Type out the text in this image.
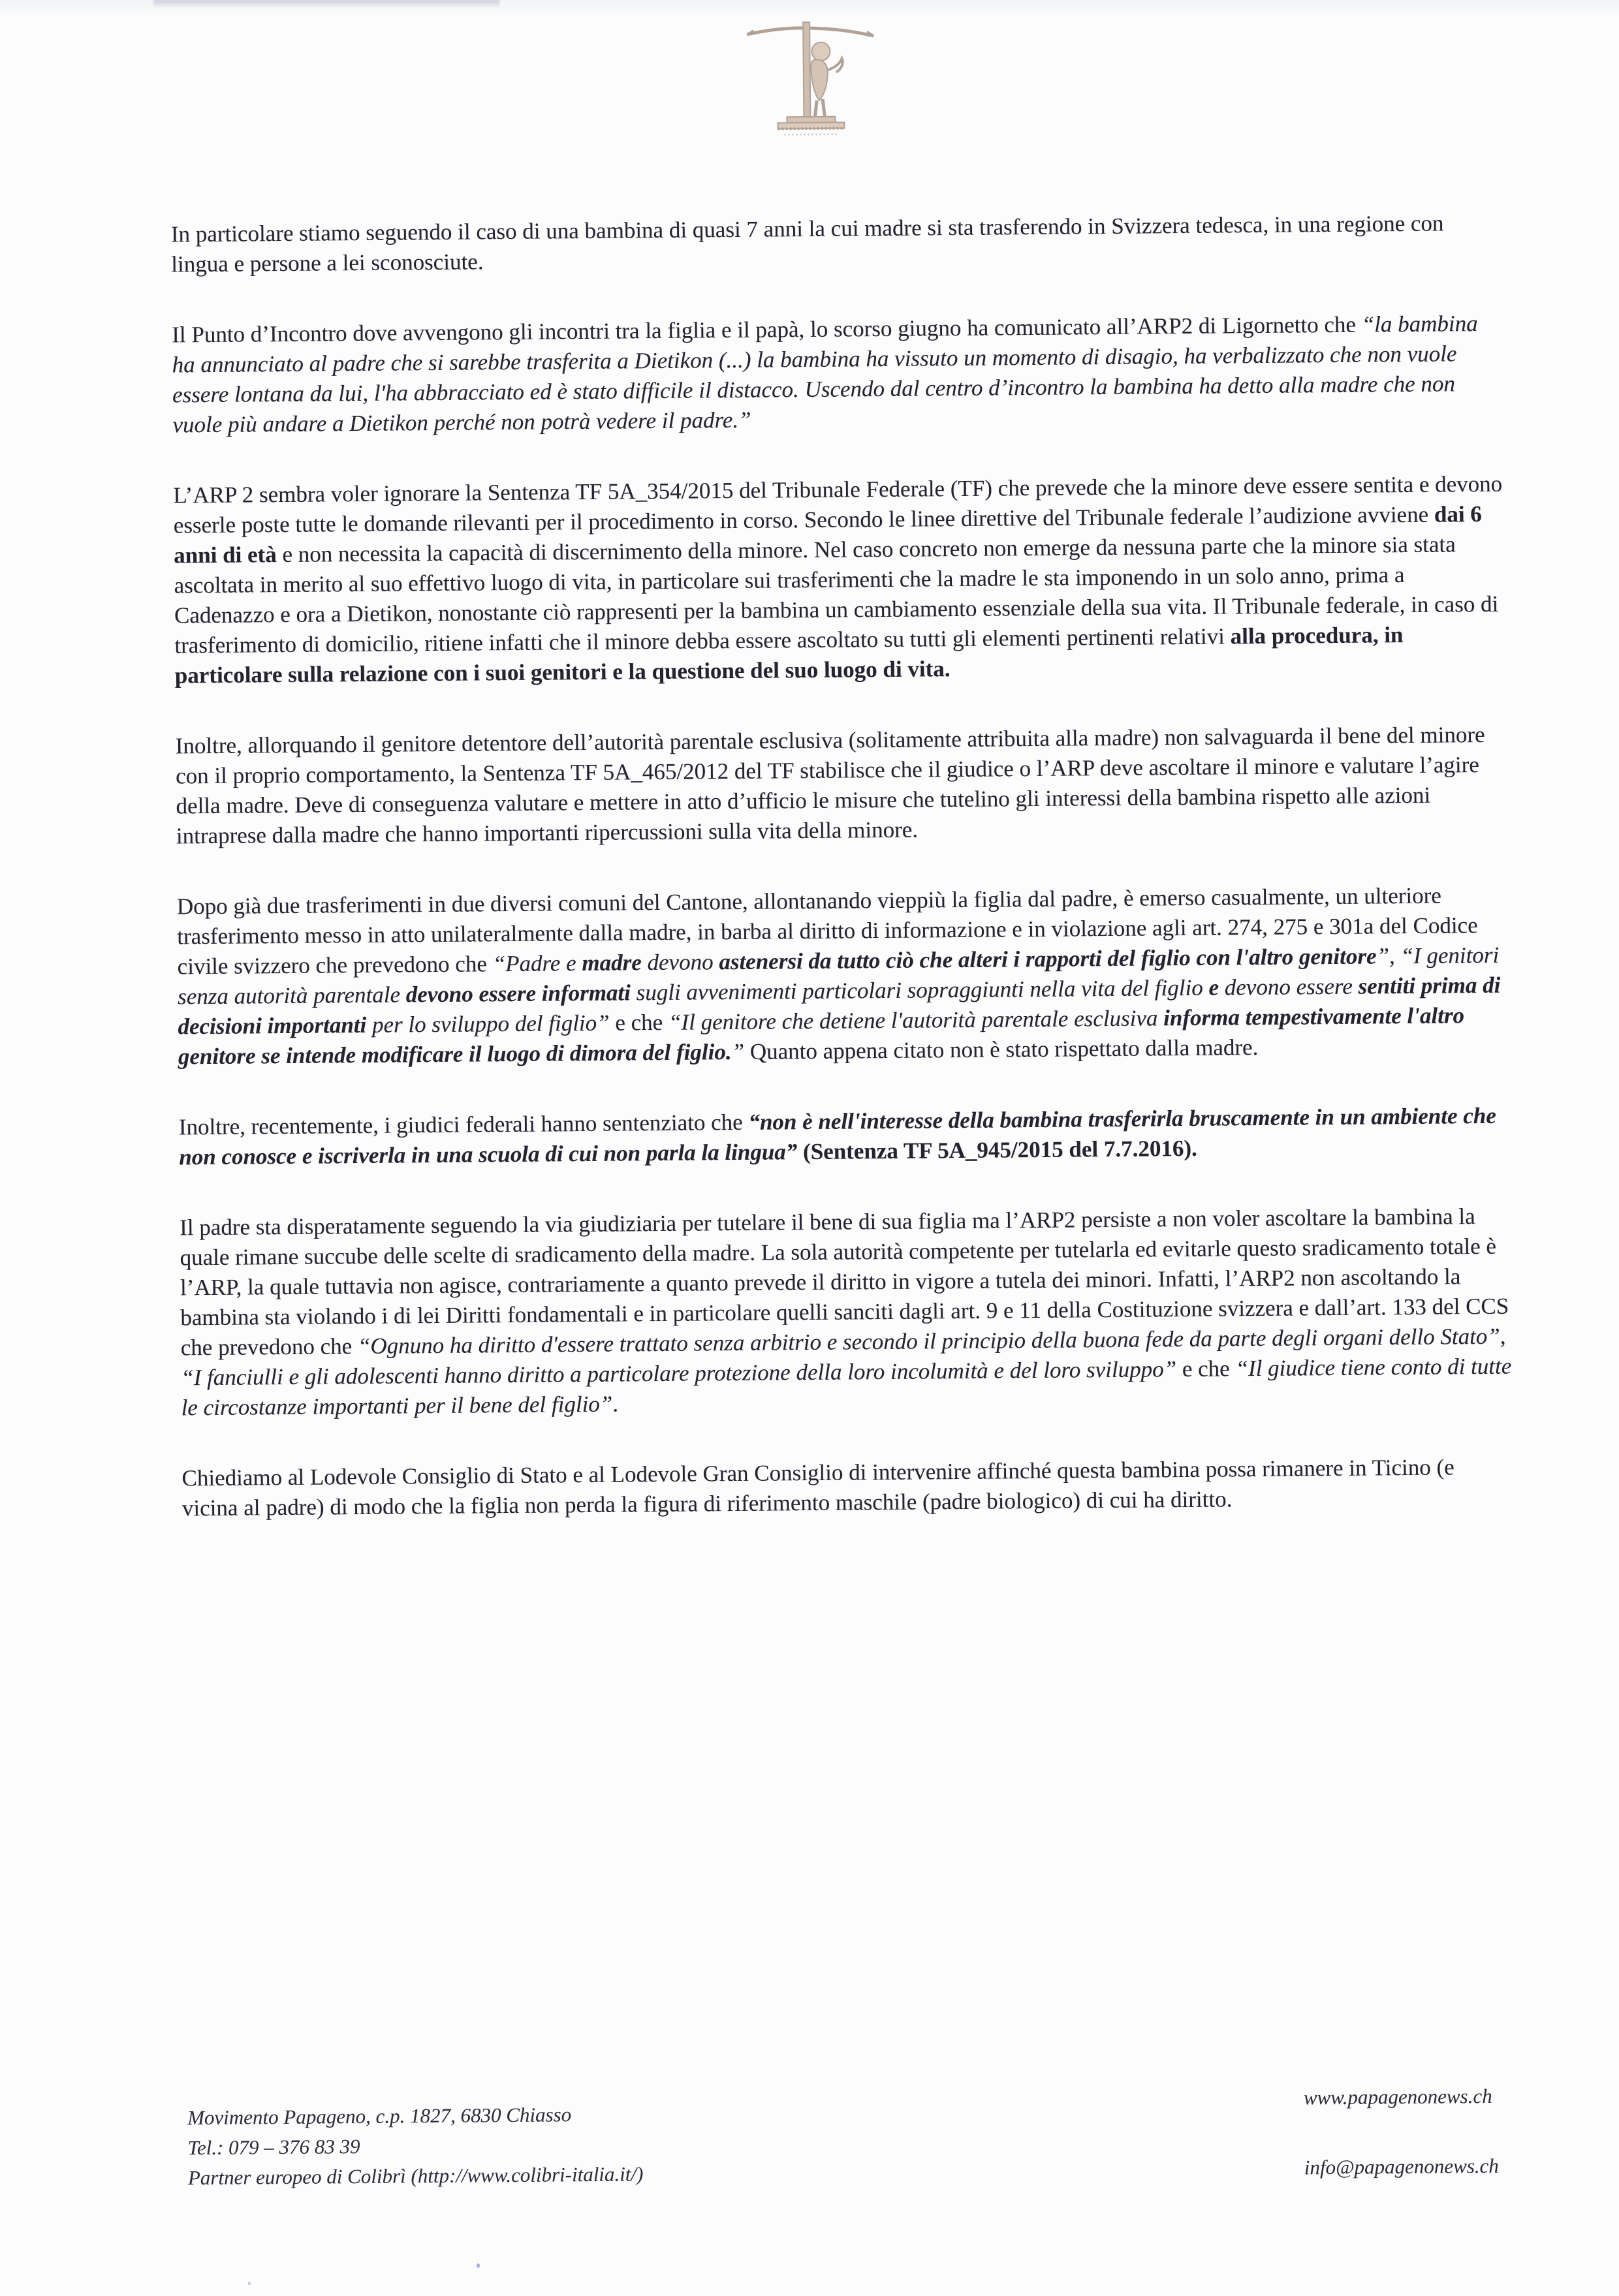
In particolare stiamo seguendo il caso di una bambina di quasi 7 anni la cui madre si sta trasferendo in Svizzera tedesca, in una regione con lingua e persone a lei sconosciute.

Il Punto d’Incontro dove avvengono gli incontri tra la figlia e il papà, lo scorso giugno ha comunicato all’ARP2 di Ligornetto che “la bambina ha annunciato al padre che si sarebbe trasferita a Dietikon (...) la bambina ha vissuto un momento di disagio, ha verbalizzato che non vuole essere lontana da lui, l'ha abbracciato ed è stato difficile il distacco. Uscendo dal centro d’incontro la bambina ha detto alla madre che non vuole più andare a Dietikon perché non potrà vedere il padre.”

L’ARP 2 sembra voler ignorare la Sentenza TF 5A_354/2015 del Tribunale Federale (TF) che prevede che la minore deve essere sentita e devono esserle poste tutte le domande rilevanti per il procedimento in corso. Secondo le linee direttive del Tribunale federale l’audizione avviene dai 6 anni di età e non necessita la capacità di discernimento della minore. Nel caso concreto non emerge da nessuna parte che la minore sia stata ascoltata in merito al suo effettivo luogo di vita, in particolare sui trasferimenti che la madre le sta imponendo in un solo anno, prima a Cadenazzo e ora a Dietikon, nonostante ciò rappresenti per la bambina un cambiamento essenziale della sua vita. Il Tribunale federale, in caso di trasferimento di domicilio, ritiene infatti che il minore debba essere ascoltato su tutti gli elementi pertinenti relativi alla procedura, in particolare sulla relazione con i suoi genitori e la questione del suo luogo di vita.

Inoltre, allorquando il genitore detentore dell’autorità parentale esclusiva (solitamente attribuita alla madre) non salvaguarda il bene del minore con il proprio comportamento, la Sentenza TF 5A_465/2012 del TF stabilisce che il giudice o l’ARP deve ascoltare il minore e valutare l’agire della madre. Deve di conseguenza valutare e mettere in atto d’ufficio le misure che tutelino gli interessi della bambina rispetto alle azioni intraprese dalla madre che hanno importanti ripercussioni sulla vita della minore.

Dopo già due trasferimenti in due diversi comuni del Cantone, allontanando vieppiù la figlia dal padre, è emerso casualmente, un ulteriore trasferimento messo in atto unilateralmente dalla madre, in barba al diritto di informazione e in violazione agli art. 274, 275 e 301a del Codice civile svizzero che prevedono che “Padre e madre devono astenersi da tutto ciò che alteri i rapporti del figlio con l'altro genitore”, “I genitori senza autorità parentale devono essere informati sugli avvenimenti particolari sopraggiunti nella vita del figlio e devono essere sentiti prima di decisioni importanti per lo sviluppo del figlio” e che “Il genitore che detiene l'autorità parentale esclusiva informa tempestivamente l'altro genitore se intende modificare il luogo di dimora del figlio.” Quanto appena citato non è stato rispettato dalla madre.

Inoltre, recentemente, i giudici federali hanno sentenziato che “non è nell'interesse della bambina trasferirla bruscamente in un ambiente che non conosce e iscriverla in una scuola di cui non parla la lingua” (Sentenza TF 5A_945/2015 del 7.7.2016).

Il padre sta disperatamente seguendo la via giudiziaria per tutelare il bene di sua figlia ma l’ARP2 persiste a non voler ascoltare la bambina la quale rimane succube delle scelte di sradicamento della madre. La sola autorità competente per tutelarla ed evitarle questo sradicamento totale è l’ARP, la quale tuttavia non agisce, contrariamente a quanto prevede il diritto in vigore a tutela dei minori. Infatti, l’ARP2 non ascoltando la bambina sta violando i di lei Diritti fondamentali e in particolare quelli sanciti dagli art. 9 e 11 della Costituzione svizzera e dall’art. 133 del CCS che prevedono che “Ognuno ha diritto d'essere trattato senza arbitrio e secondo il principio della buona fede da parte degli organi dello Stato”, “I fanciulli e gli adolescenti hanno diritto a particolare protezione della loro incolumità e del loro sviluppo” e che “Il giudice tiene conto di tutte le circostanze importanti per il bene del figlio”.

Chiediamo al Lodevole Consiglio di Stato e al Lodevole Gran Consiglio di intervenire affinché questa bambina possa rimanere in Ticino (e vicina al padre) di modo che la figlia non perda la figura di riferimento maschile (padre biologico) di cui ha diritto.

Movimento Papageno, c.p. 1827, 6830 Chiasso
Tel.: 079 – 376 83 39
Partner europeo di Colibrì (http://www.colibri-italia.it/)
www.papagenonews.ch
info@papagenonews.ch
